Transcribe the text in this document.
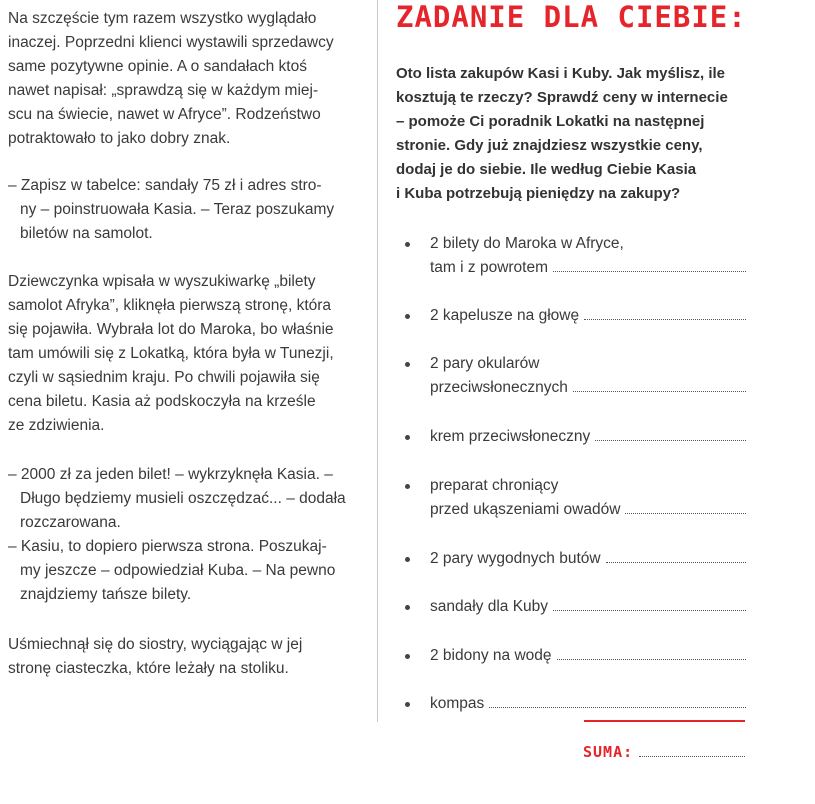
Na szczęście tym razem wszystko wyglądało
inaczej. Poprzedni klienci wystawili sprzedawcy
same pozytywne opinie. A o sandałach ktoś
nawet napisał: „sprawdzą się w każdym miej-
scu na świecie, nawet w Afryce”. Rodzeństwo
potraktowało to jako dobry znak.
– Zapisz w tabelce: sandały 75 zł i adres stro-
ny – poinstruowała Kasia. – Teraz poszukamy
biletów na samolot.
Dziewczynka wpisała w wyszukiwarkę „bilety
samolot Afryka”, kliknęła pierwszą stronę, która
się pojawiła. Wybrała lot do Maroka, bo właśnie
tam umówili się z Lokatką, która była w Tunezji,
czyli w sąsiednim kraju. Po chwili pojawiła się
cena biletu. Kasia aż podskoczyła na krześle
ze zdziwienia.
– 2000 zł za jeden bilet! – wykrzyknęła Kasia. –
Długo będziemy musieli oszczędzać... – dodała
rozczarowana.
– Kasiu, to dopiero pierwsza strona. Poszukaj-
my jeszcze – odpowiedział Kuba. – Na pewno
znajdziemy tańsze bilety.
Uśmiechnął się do siostry, wyciągając w jej
stronę ciasteczka, które leżały na stoliku.
ZADANIE DLA CIEBIE:
Oto lista zakupów Kasi i Kuby. Jak myślisz, ile
kosztują te rzeczy? Sprawdź ceny w internecie
– pomoże Ci poradnik Lokatki na następnej
stronie. Gdy już znajdziesz wszystkie ceny,
dodaj je do siebie. Ile według Ciebie Kasia
i Kuba potrzebują pieniędzy na zakupy?
2 bilety do Maroka w Afryce,
tam i z powrotem
2 kapelusze na głowę
2 pary okularów
przeciwsłonecznych
krem przeciwsłoneczny
preparat chroniący
przed ukąszeniami owadów
2 pary wygodnych butów
sandały dla Kuby
2 bidony na wodę
kompas
SUMA:
